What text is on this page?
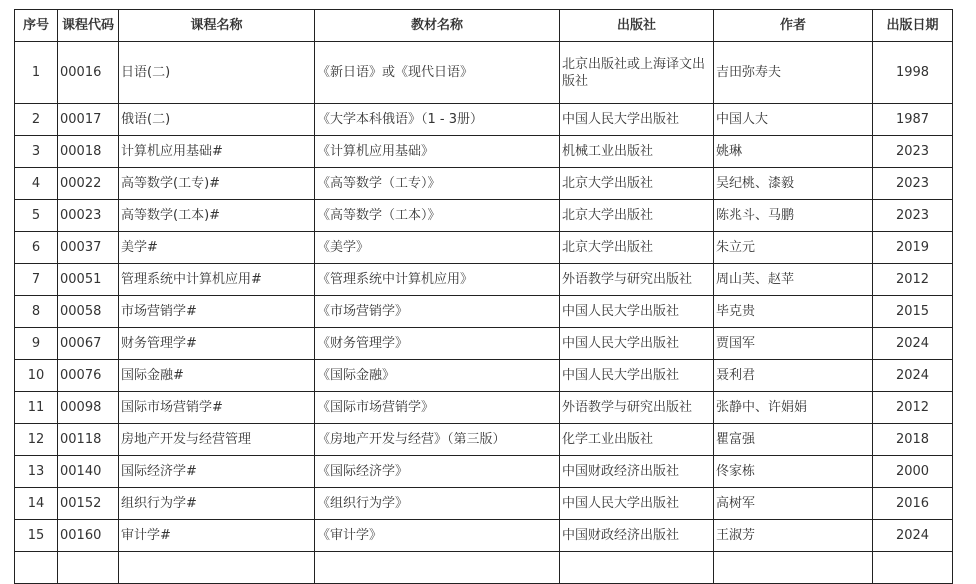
序号	课程代码	课程名称	教材名称	出版社	作者	出版日期
1	00016	日语(二)	《新日语》或《现代日语》	北京出版社或上海译文出版社	吉田弥寿夫	1998
2	00017	俄语(二)	《大学本科俄语》（1 - 3册）	中国人民大学出版社	中国人大	1987
3	00018	计算机应用基础#	《计算机应用基础》	机械工业出版社	姚琳	2023
4	00022	高等数学(工专)#	《高等数学（工专）》	北京大学出版社	吴纪桃、漆毅	2023
5	00023	高等数学(工本)#	《高等数学（工本）》	北京大学出版社	陈兆斗、马鹏	2023
6	00037	美学#	《美学》	北京大学出版社	朱立元	2019
7	00051	管理系统中计算机应用#	《管理系统中计算机应用》	外语教学与研究出版社	周山芙、赵苹	2012
8	00058	市场营销学#	《市场营销学》	中国人民大学出版社	毕克贵	2015
9	00067	财务管理学#	《财务管理学》	中国人民大学出版社	贾国军	2024
10	00076	国际金融#	《国际金融》	中国人民大学出版社	聂利君	2024
11	00098	国际市场营销学#	《国际市场营销学》	外语教学与研究出版社	张静中、许娟娟	2012
12	00118	房地产开发与经营管理	《房地产开发与经营》（第三版）	化学工业出版社	瞿富强	2018
13	00140	国际经济学#	《国际经济学》	中国财政经济出版社	佟家栋	2000
14	00152	组织行为学#	《组织行为学》	中国人民大学出版社	高树军	2016
15	00160	审计学#	《审计学》	中国财政经济出版社	王淑芳	2024
